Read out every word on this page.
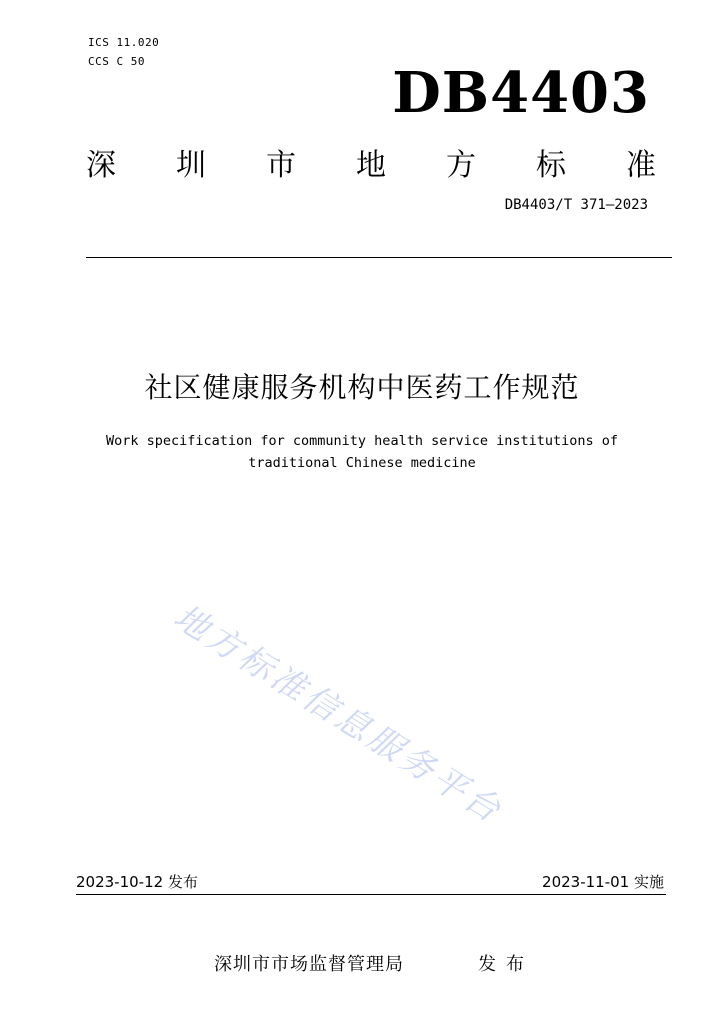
ICS 11.020
CCS C 50	DB4403
深 圳 市 地 方 标 准
DB4403/T 371—2023
社区健康服务机构中医药工作规范
Work specification for community health service institutions of
traditional Chinese medicine
地方标准信息服务平台
2023-10-12 发布	2023-11-01 实施
深圳市市场监督管理局	发布
